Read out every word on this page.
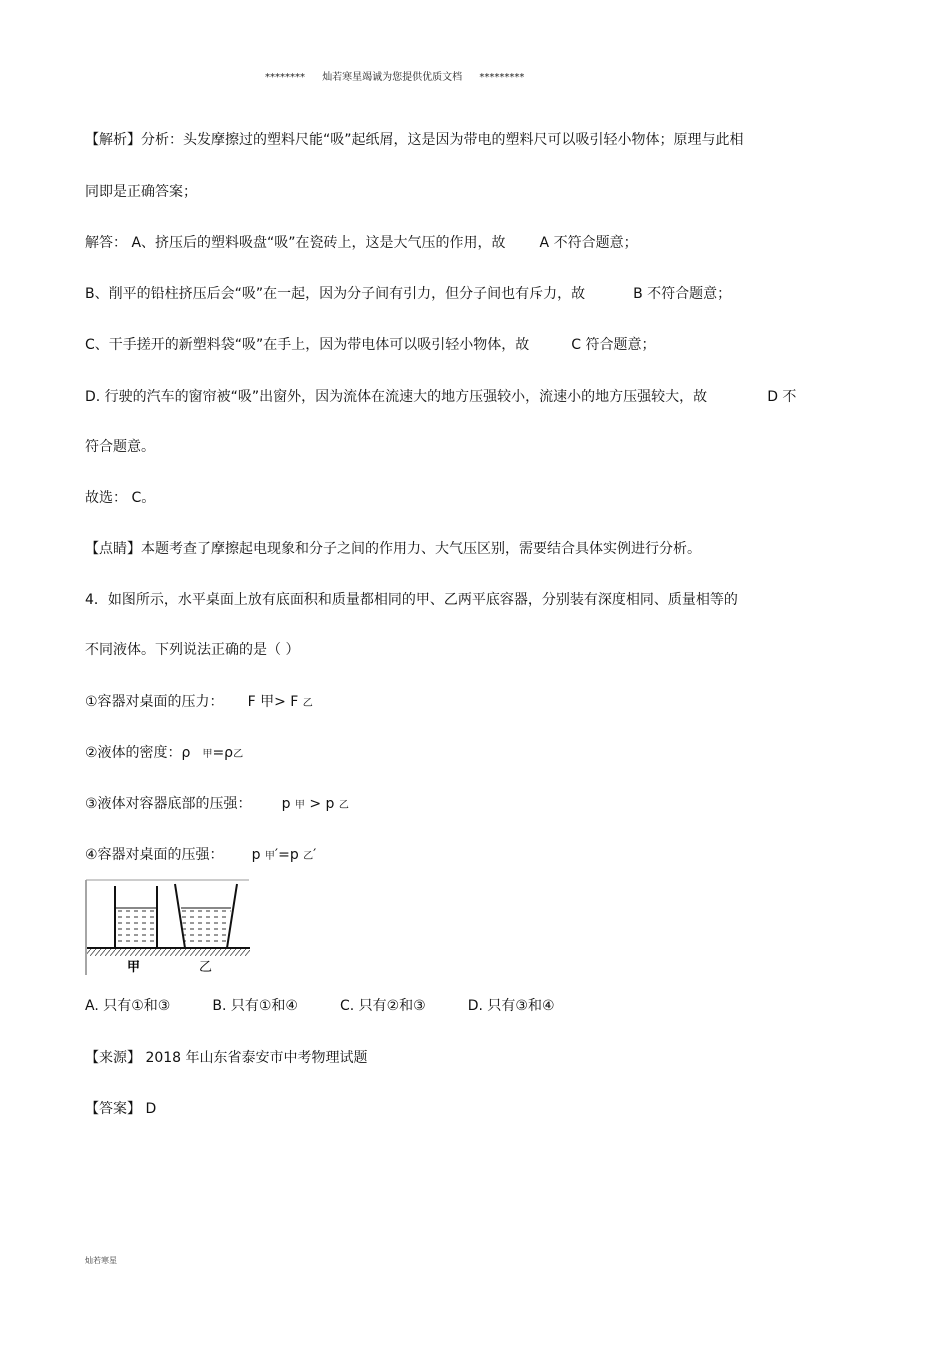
******** 灿若寒星竭诚为您提供优质文档 *********
【解析】分析：头发摩擦过的塑料尺能“吸”起纸屑，这是因为带电的塑料尺可以吸引轻小物体；原理与此相
同即是正确答案；
解答： A、挤压后的塑料吸盘“吸”在瓷砖上，这是大气压的作用，故 A 不符合题意；
B、削平的铅柱挤压后会“吸”在一起，因为分子间有引力，但分子间也有斥力，故	B 不符合题意；
C、干手搓开的新塑料袋“吸”在手上，因为带电体可以吸引轻小物体，故	C 符合题意；
D. 行驶的汽车的窗帘被“吸”出窗外，因为流体在流速大的地方压强较小，流速小的地方压强较大，故	D 不
符合题意。
故选： C。
【点睛】本题考查了摩擦起电现象和分子之间的作用力、大气压区别，需要结合具体实例进行分析。
4．如图所示，水平桌面上放有底面积和质量都相同的甲、乙两平底容器，分别装有深度相同、质量相等的
不同液体。下列说法正确的是（ ）
①容器对桌面的压力： F 甲> F 乙
②液体的密度：ρ 甲=ρ乙
③液体对容器底部的压强： p 甲 > p 乙
④容器对桌面的压强： p 甲′=p 乙′
甲	乙
A. 只有①和③	B. 只有①和④	C. 只有②和③	D. 只有③和④
【来源】 2018 年山东省泰安市中考物理试题
【答案】 D
灿若寒星
